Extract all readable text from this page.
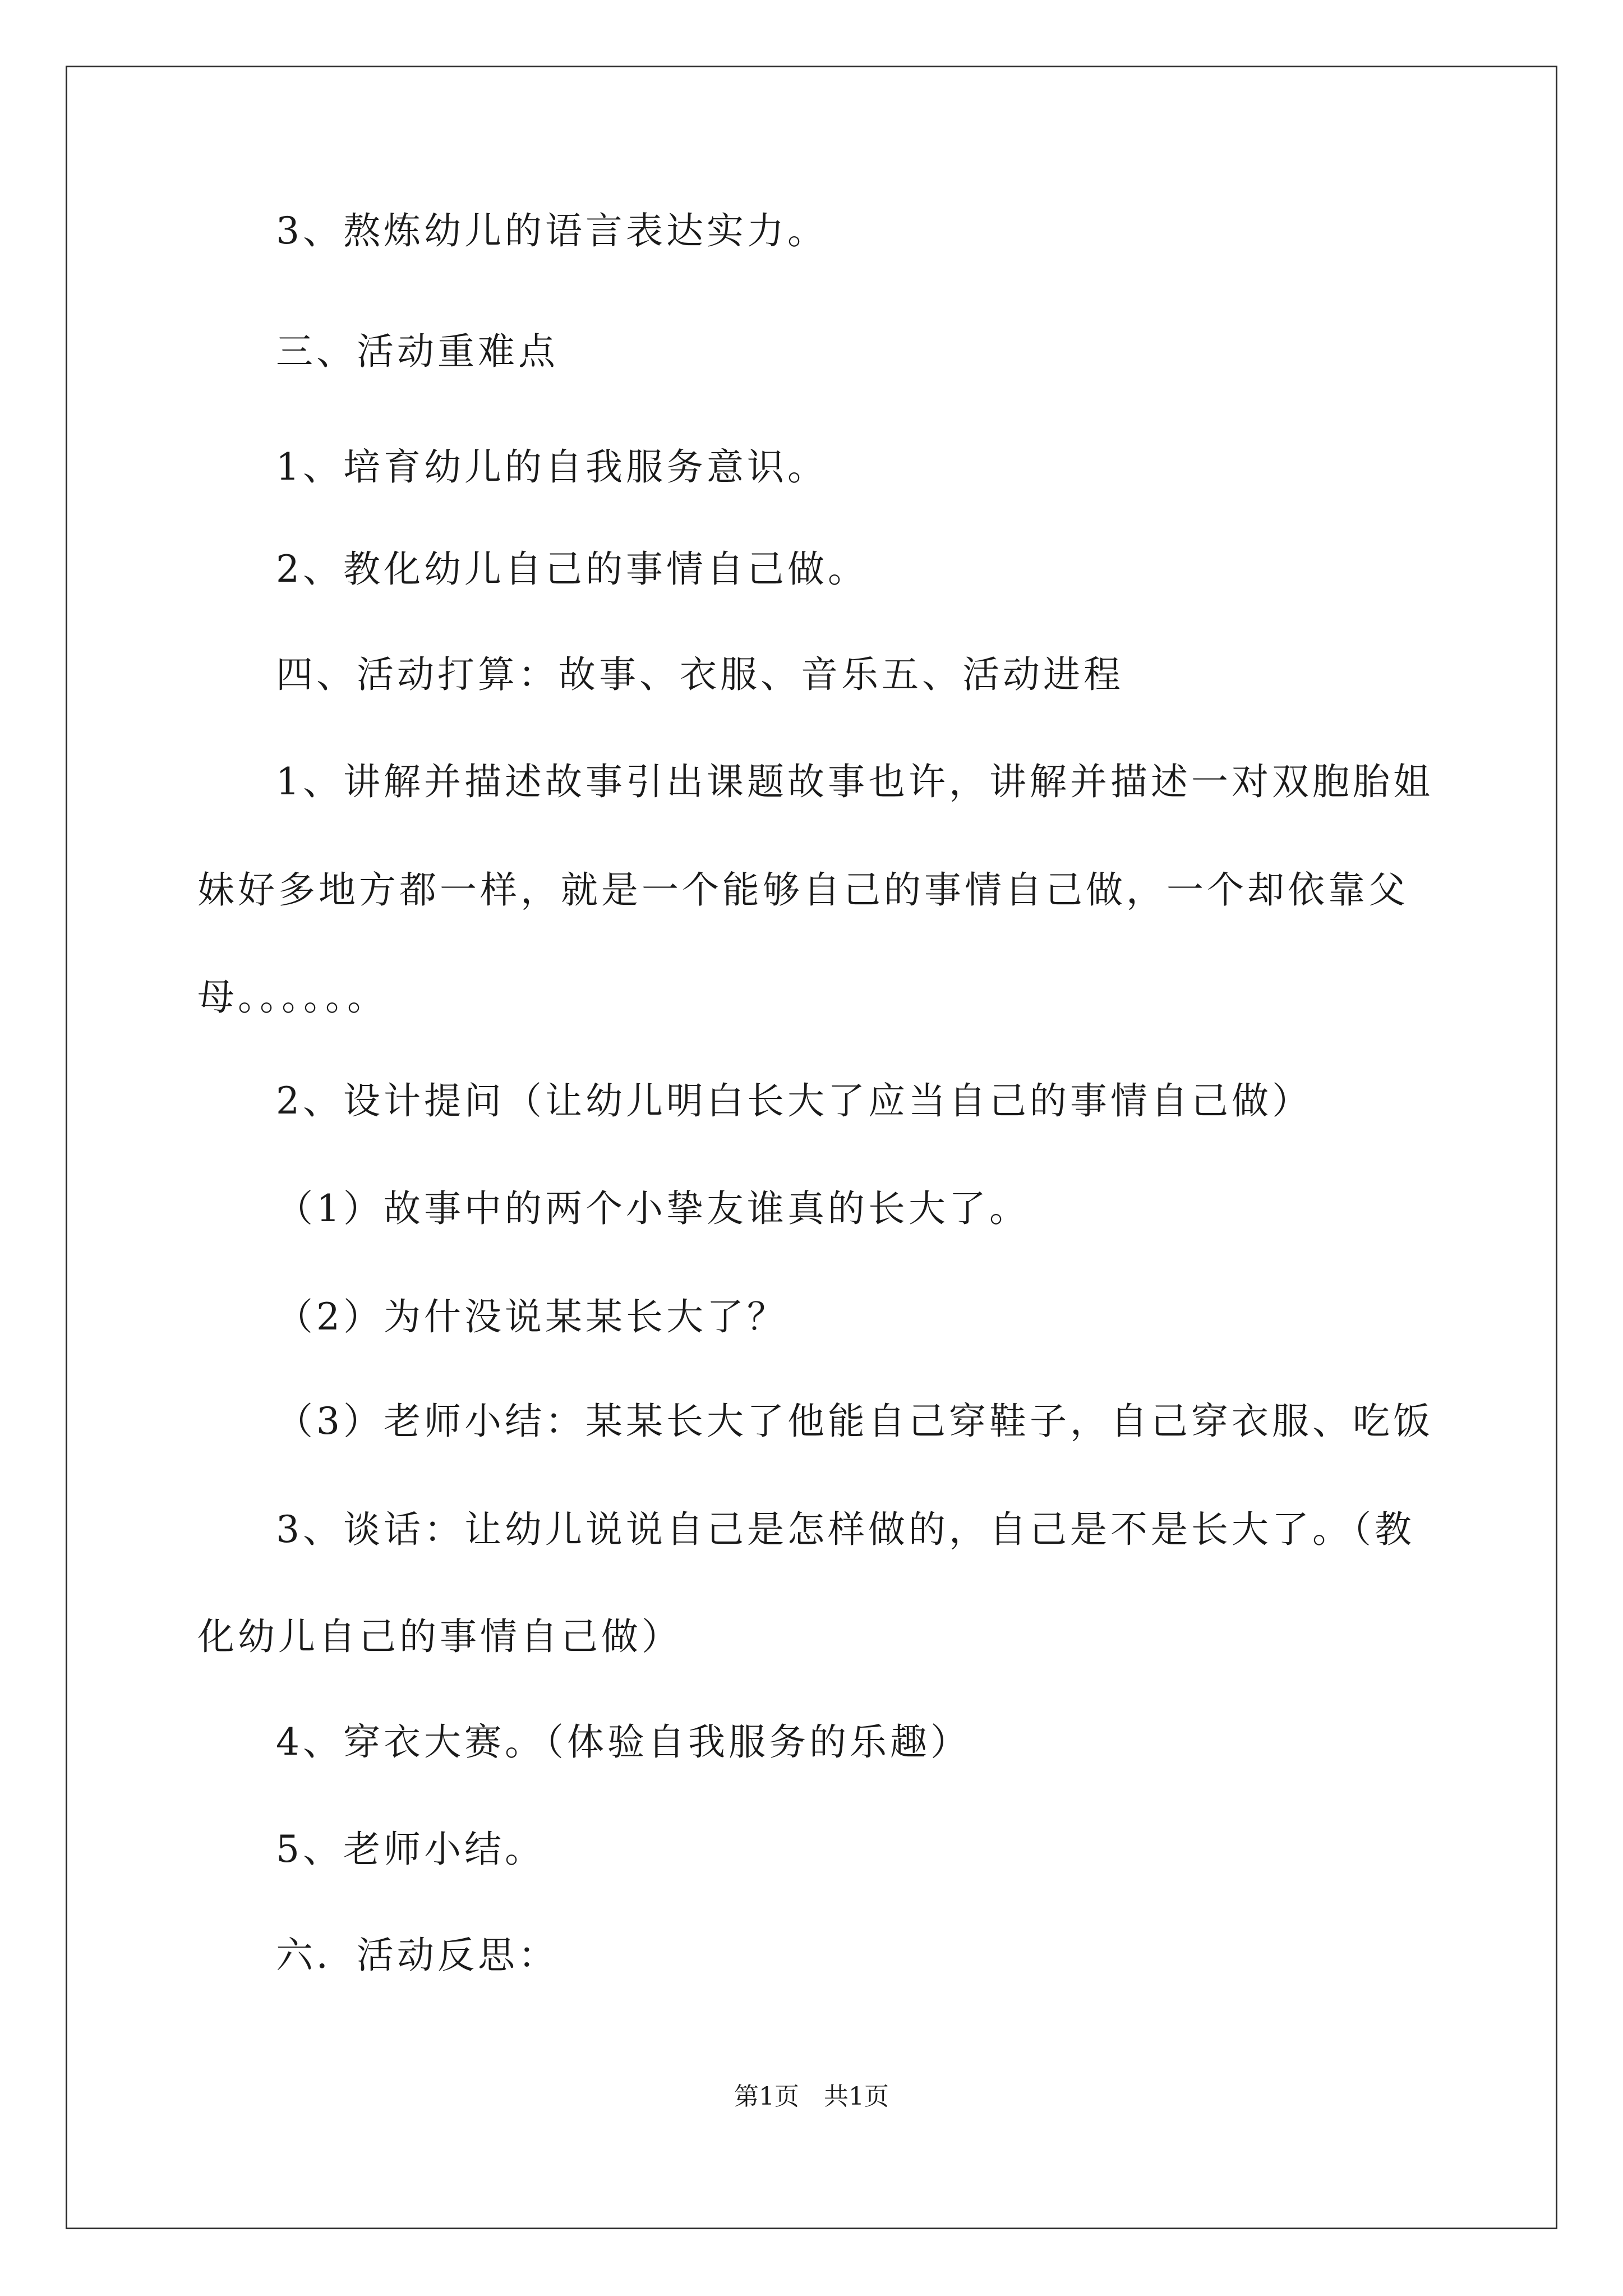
3、熬炼幼儿的语言表达实力。
三、活动重难点
1、培育幼儿的自我服务意识。
2、教化幼儿自己的事情自己做。
四、活动打算：故事、衣服、音乐五、活动进程
1、讲解并描述故事引出课题故事也许，讲解并描述一对双胞胎姐
妹好多地方都一样，就是一个能够自己的事情自己做，一个却依靠父
母。。。。。。
2、设计提问（让幼儿明白长大了应当自己的事情自己做）
（1）故事中的两个小挚友谁真的长大了。
（2）为什没说某某长大了？
（3）老师小结：某某长大了他能自己穿鞋子，自己穿衣服、吃饭
3、谈话：让幼儿说说自己是怎样做的，自己是不是长大了。（教
化幼儿自己的事情自己做）
4、穿衣大赛。（体验自我服务的乐趣）
5、老师小结。
六．活动反思：
第1页　共1页
